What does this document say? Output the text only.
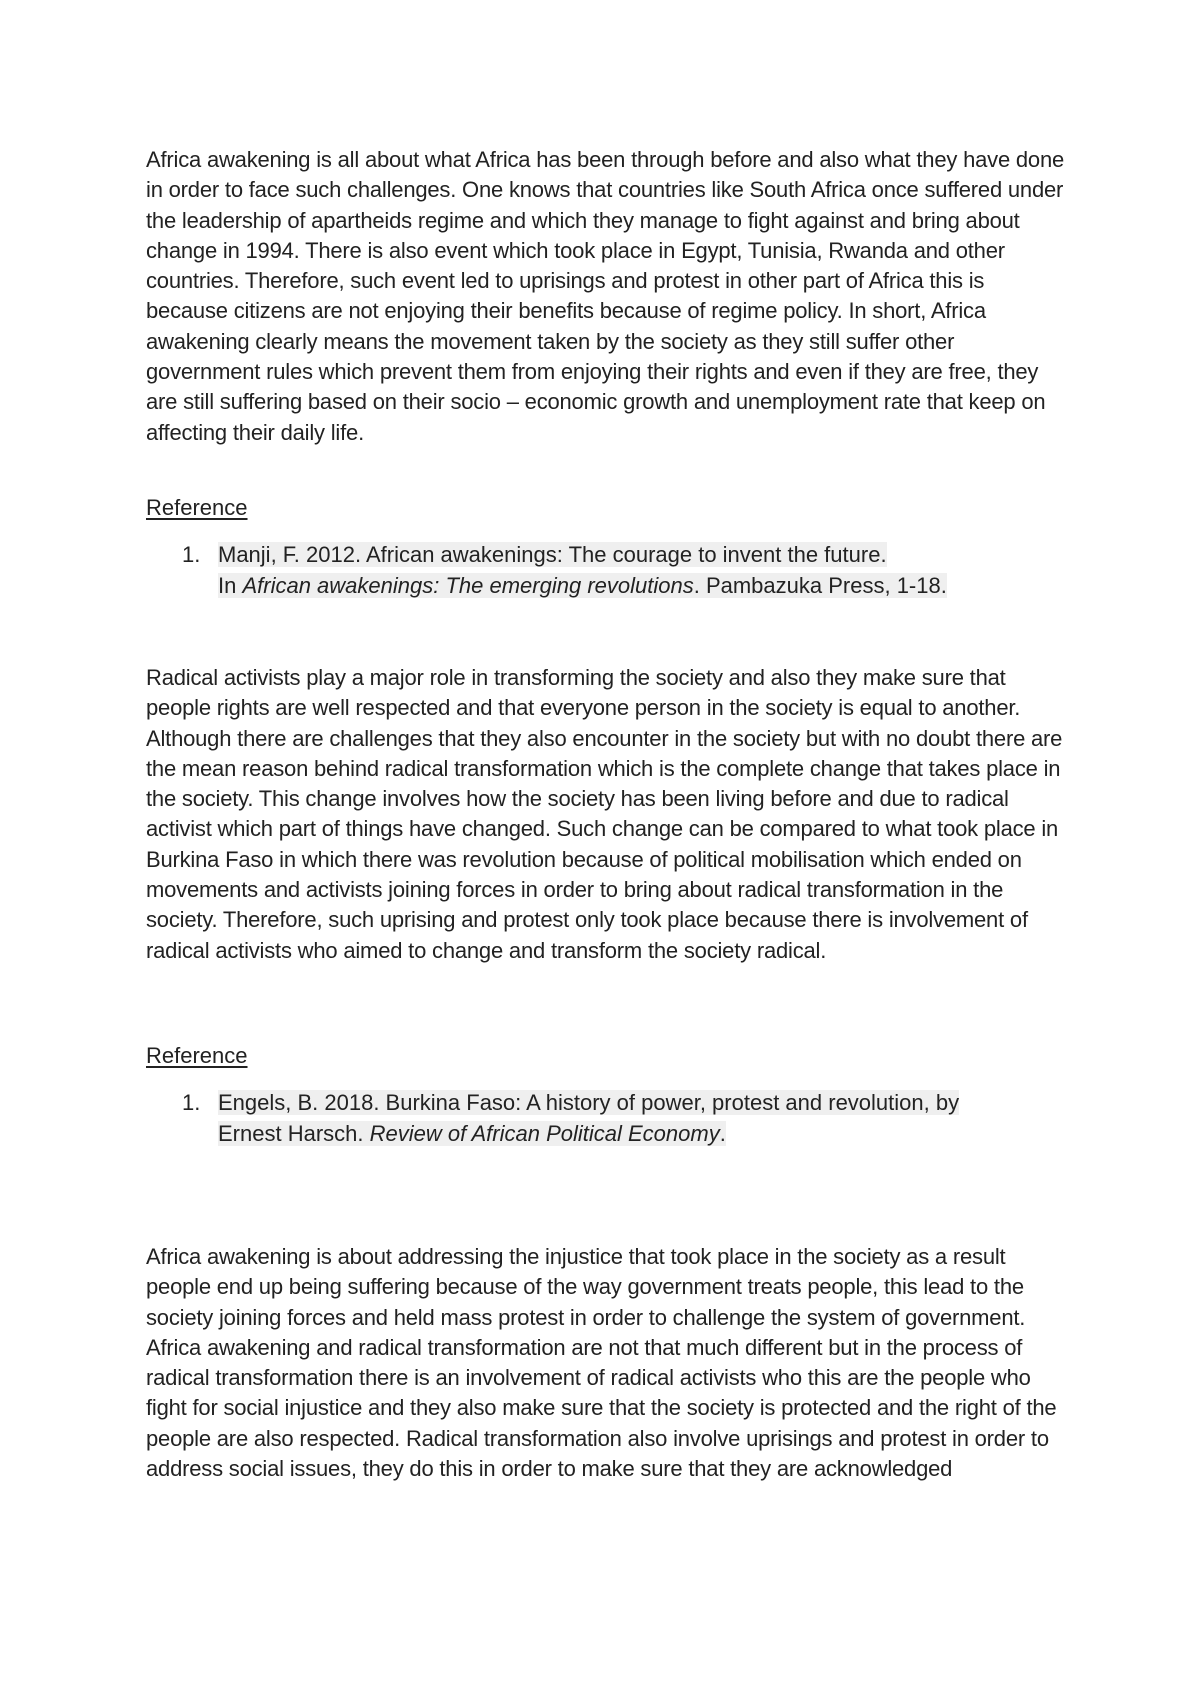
Africa awakening is all about what Africa has been through before and also what they have done in order to face such challenges. One knows that countries like South Africa once suffered under the leadership of apartheids regime and which they manage to fight against and bring about change in 1994. There is also event which took place in Egypt, Tunisia, Rwanda and other countries. Therefore, such event led to uprisings and protest in other part of Africa this is because citizens are not enjoying their benefits because of regime policy. In short, Africa awakening clearly means the movement taken by the society as they still suffer other government rules which prevent them from enjoying their rights and even if they are free, they are still suffering based on their socio – economic growth and unemployment rate that keep on affecting their daily life.

Reference

1. Manji, F. 2012. African awakenings: The courage to invent the future.
In African awakenings: The emerging revolutions. Pambazuka Press, 1-18.

Radical activists play a major role in transforming the society and also they make sure that people rights are well respected and that everyone person in the society is equal to another. Although there are challenges that they also encounter in the society but with no doubt there are the mean reason behind radical transformation which is the complete change that takes place in the society. This change involves how the society has been living before and due to radical activist which part of things have changed. Such change can be compared to what took place in Burkina Faso in which there was revolution because of political mobilisation which ended on movements and activists joining forces in order to bring about radical transformation in the society. Therefore, such uprising and protest only took place because there is involvement of radical activists who aimed to change and transform the society radical.

Reference

1. Engels, B. 2018. Burkina Faso: A history of power, protest and revolution, by
Ernest Harsch. Review of African Political Economy.

Africa awakening is about addressing the injustice that took place in the society as a result people end up being suffering because of the way government treats people, this lead to the society joining forces and held mass protest in order to challenge the system of government. Africa awakening and radical transformation are not that much different but in the process of radical transformation there is an involvement of radical activists who this are the people who fight for social injustice and they also make sure that the society is protected and the right of the people are also respected. Radical transformation also involve uprisings and protest in order to address social issues, they do this in order to make sure that they are acknowledged
